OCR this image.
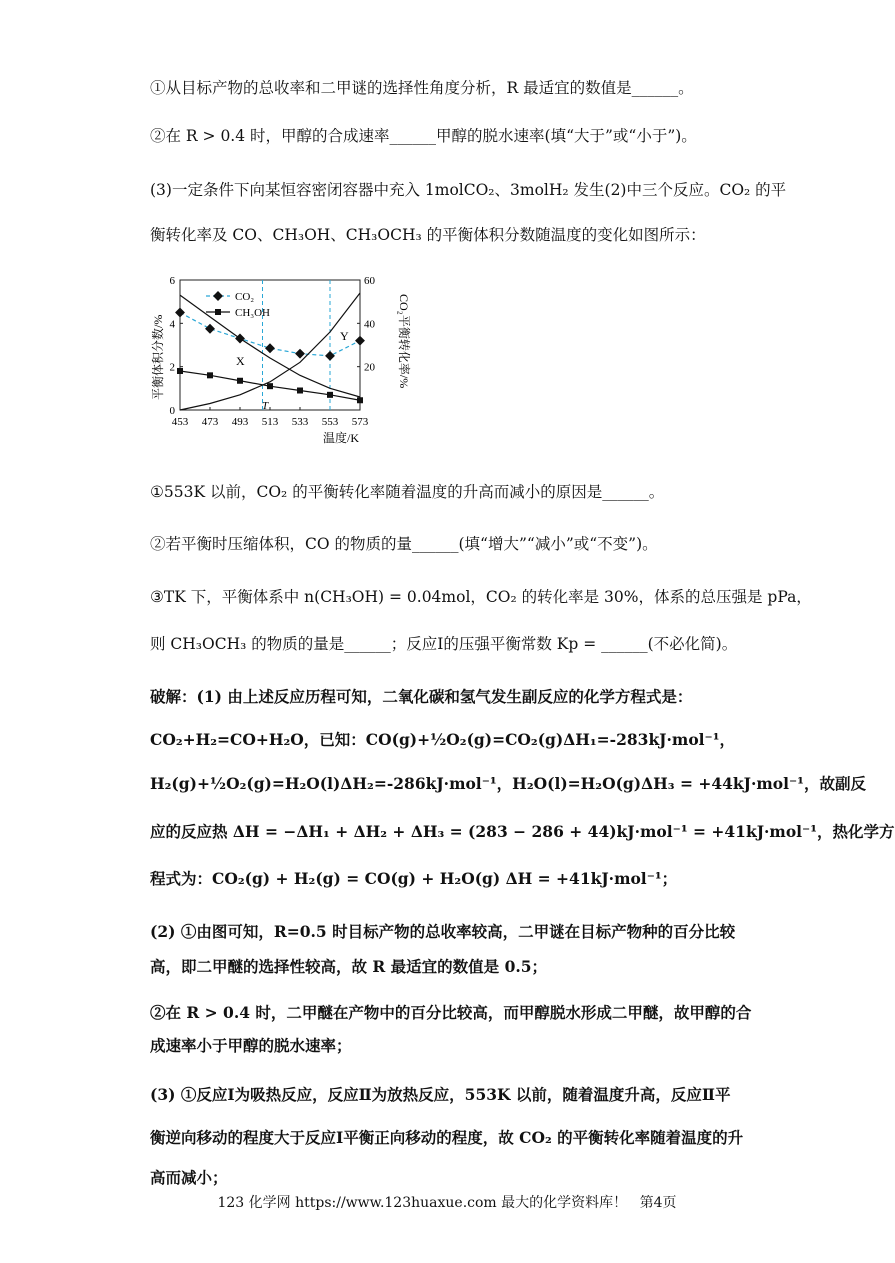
①从目标产物的总收率和二甲谜的选择性角度分析，R 最适宜的数值是______。
②在 R > 0.4 时，甲醇的合成速率______甲醇的脱水速率(填“大于”或“小于”)。
(3)一定条件下向某恒容密闭容器中充入 1molCO₂、3molH₂ 发生(2)中三个反应。CO₂ 的平
衡转化率及 CO、CH₃OH、CH₃OCH₃ 的平衡体积分数随温度的变化如图所示：
453 473 493 513 533 553 573
0
2
4
6
20
40
60
平衡体积分数/%	CO₂平衡转化率/%
温度/K
X
Y
T
CO₂
CH₃OH
①553K 以前，CO₂ 的平衡转化率随着温度的升高而减小的原因是______。
②若平衡时压缩体积，CO 的物质的量______(填“增大”“减小”或“不变”)。
③TK 下，平衡体系中 n(CH₃OH) = 0.04mol，CO₂ 的转化率是 30%，体系的总压强是 pPa，
则 CH₃OCH₃ 的物质的量是______；反应Ⅰ的压强平衡常数 Kp = ______(不必化简)。
破解：(1) 由上述反应历程可知，二氧化碳和氢气发生副反应的化学方程式是：
CO₂+H₂=CO+H₂O，已知：CO(g)+½O₂(g)=CO₂(g)ΔH₁=-283kJ·mol⁻¹，
H₂(g)+½O₂(g)=H₂O(l)ΔH₂=-286kJ·mol⁻¹，H₂O(l)=H₂O(g)ΔH₃ = +44kJ·mol⁻¹，故副反
应的反应热 ΔH = −ΔH₁ + ΔH₂ + ΔH₃ = (283 − 286 + 44)kJ·mol⁻¹ = +41kJ·mol⁻¹，热化学方
程式为：CO₂(g) + H₂(g) = CO(g) + H₂O(g) ΔH = +41kJ·mol⁻¹；
(2) ①由图可知，R=0.5 时目标产物的总收率较高，二甲谜在目标产物种的百分比较
高，即二甲醚的选择性较高，故 R 最适宜的数值是 0.5；
②在 R > 0.4 时，二甲醚在产物中的百分比较高，而甲醇脱水形成二甲醚，故甲醇的合
成速率小于甲醇的脱水速率；
(3) ①反应Ⅰ为吸热反应，反应Ⅱ为放热反应，553K 以前，随着温度升高，反应Ⅱ平
衡逆向移动的程度大于反应Ⅰ平衡正向移动的程度，故 CO₂ 的平衡转化率随着温度的升
高而减小；
123 化学网 https://www.123huaxue.com 最大的化学资料库！ 第4页
